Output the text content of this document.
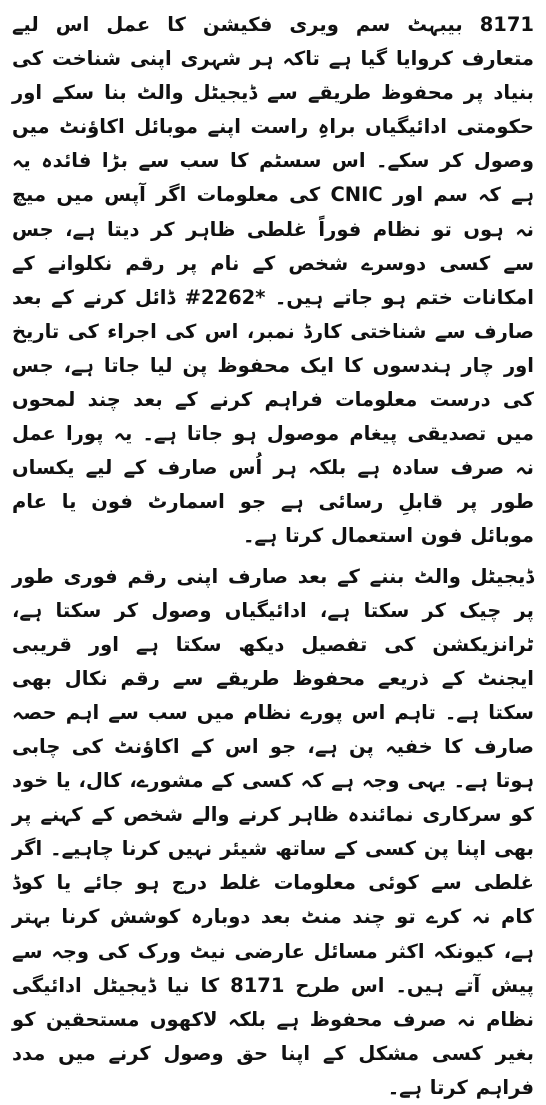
8171 بیبہٹ سم ویری فکیشن کا عمل اس لیے متعارف کروایا گیا ہے تاکہ ہر شہری اپنی شناخت کی بنیاد پر محفوظ طریقے سے ڈیجیٹل والٹ بنا سکے اور حکومتی ادائیگیاں براہِ راست اپنے موبائل اکاؤنٹ میں وصول کر سکے۔ اس سسٹم کا سب سے بڑا فائدہ یہ ہے کہ سم اور CNIC کی معلومات اگر آپس میں میچ نہ ہوں تو نظام فوراً غلطی ظاہر کر دیتا ہے، جس سے کسی دوسرے شخص کے نام پر رقم نکلوانے کے امکانات ختم ہو جاتے ہیں۔ *2262# ڈائل کرنے کے بعد صارف سے شناختی کارڈ نمبر، اس کی اجراء کی تاریخ اور چار ہندسوں کا ایک محفوظ پن لیا جاتا ہے، جس کی درست معلومات فراہم کرنے کے بعد چند لمحوں میں تصدیقی پیغام موصول ہو جاتا ہے۔ یہ پورا عمل نہ صرف سادہ ہے بلکہ ہر اُس صارف کے لیے یکساں طور پر قابلِ رسائی ہے جو اسمارٹ فون یا عام موبائل فون استعمال کرتا ہے۔

ڈیجیٹل والٹ بننے کے بعد صارف اپنی رقم فوری طور پر چیک کر سکتا ہے، ادائیگیاں وصول کر سکتا ہے، ٹرانزیکشن کی تفصیل دیکھ سکتا ہے اور قریبی ایجنٹ کے ذریعے محفوظ طریقے سے رقم نکال بھی سکتا ہے۔ تاہم اس پورے نظام میں سب سے اہم حصہ صارف کا خفیہ پن ہے، جو اس کے اکاؤنٹ کی چابی ہوتا ہے۔ یہی وجہ ہے کہ کسی کے مشورے، کال، یا خود کو سرکاری نمائندہ ظاہر کرنے والے شخص کے کہنے پر بھی اپنا پن کسی کے ساتھ شیئر نہیں کرنا چاہیے۔ اگر غلطی سے کوئی معلومات غلط درج ہو جائے یا کوڈ کام نہ کرے تو چند منٹ بعد دوبارہ کوشش کرنا بہتر ہے، کیونکہ اکثر مسائل عارضی نیٹ ورک کی وجہ سے پیش آتے ہیں۔ اس طرح 8171 کا نیا ڈیجیٹل ادائیگی نظام نہ صرف محفوظ ہے بلکہ لاکھوں مستحقین کو بغیر کسی مشکل کے اپنا حق وصول کرنے میں مدد فراہم کرتا ہے۔
